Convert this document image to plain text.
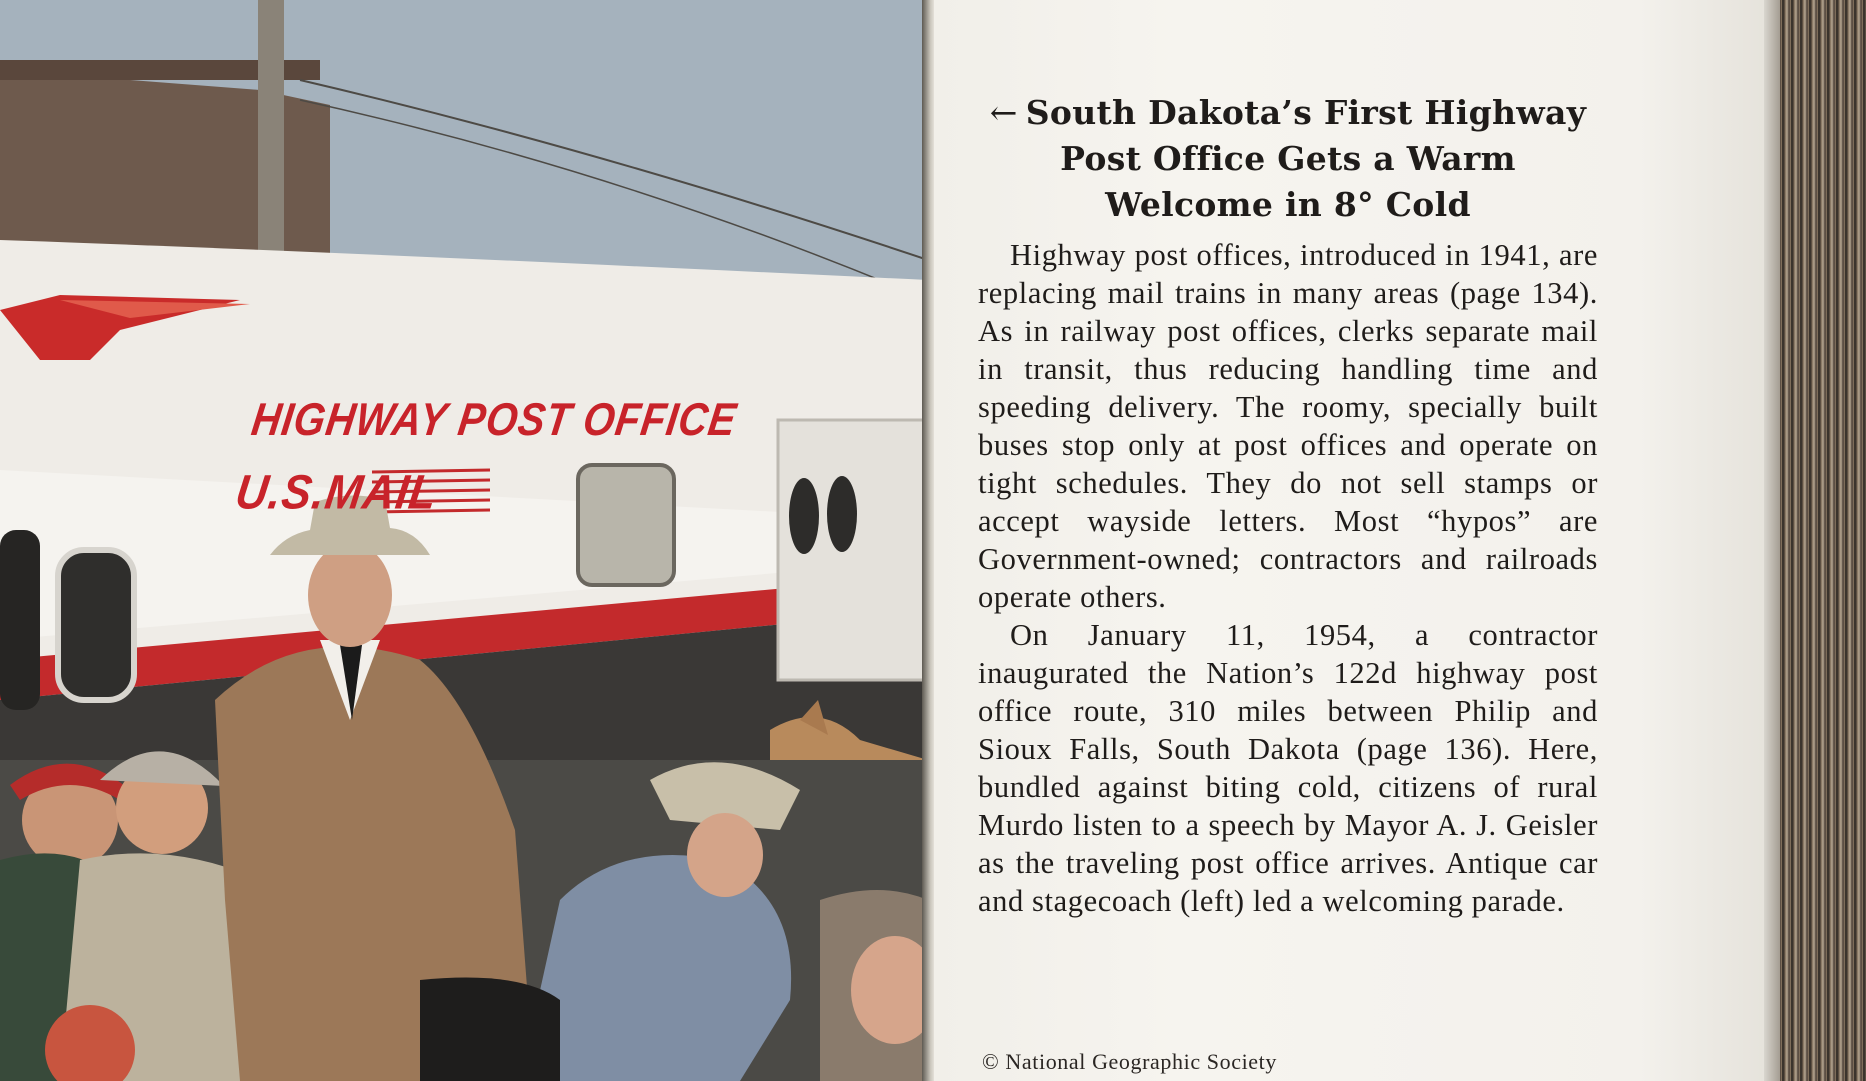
HIGHWAY POST OFFICE
U.S.MAIL
← South Dakota’s First Highway
Post Office Gets a Warm
Welcome in 8° Cold

Highway post offices, introduced in 1941, are replacing mail trains in many areas (page 134). As in railway post offices, clerks separate mail in transit, thus reducing handling time and speeding delivery. The roomy, specially built buses stop only at post offices and operate on tight schedules. They do not sell stamps or accept wayside letters. Most “hypos” are Government-owned; contractors and railroads operate others.

On January 11, 1954, a contractor inaugurated the Nation’s 122d highway post office route, 310 miles between Philip and Sioux Falls, South Dakota (page 136). Here, bundled against biting cold, citizens of rural Murdo listen to a speech by Mayor A. J. Geisler as the traveling post office arrives. Antique car and stagecoach (left) led a welcoming parade.

© National Geographic Society
